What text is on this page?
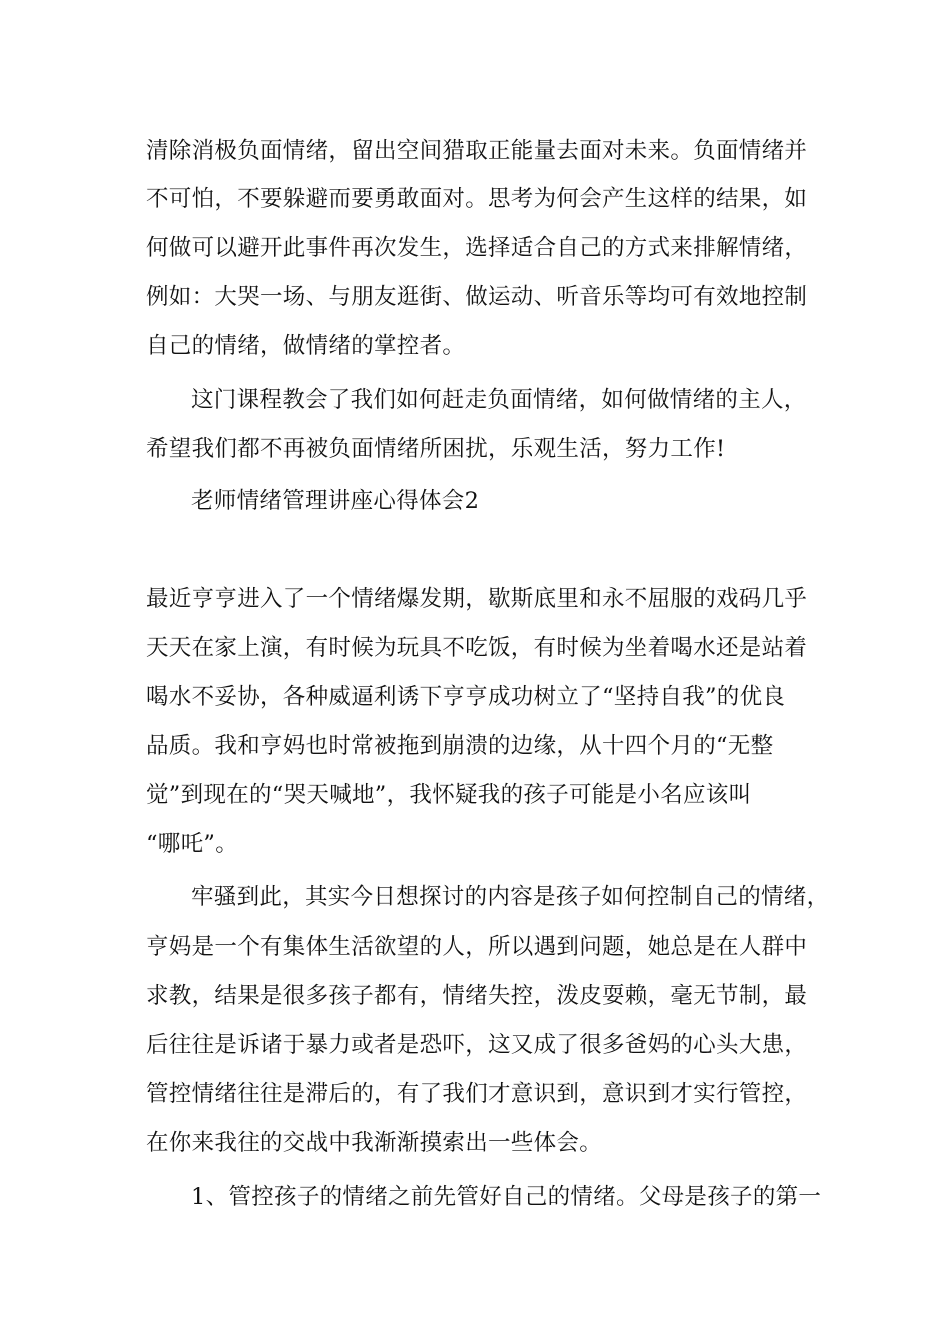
清除消极负面情绪，留出空间猎取正能量去面对未来。负面情绪并
不可怕，不要躲避而要勇敢面对。思考为何会产生这样的结果，如
何做可以避开此事件再次发生，选择适合自己的方式来排解情绪，
例如：大哭一场、与朋友逛街、做运动、听音乐等均可有效地控制
自己的情绪，做情绪的掌控者。
这门课程教会了我们如何赶走负面情绪，如何做情绪的主人，
希望我们都不再被负面情绪所困扰，乐观生活，努力工作!
老师情绪管理讲座心得体会2
最近亨亨进入了一个情绪爆发期，歇斯底里和永不屈服的戏码几乎
天天在家上演，有时候为玩具不吃饭，有时候为坐着喝水还是站着
喝水不妥协，各种威逼利诱下亨亨成功树立了“坚持自我”的优良
品质。我和亨妈也时常被拖到崩溃的边缘，从十四个月的“无整
觉”到现在的“哭天喊地”，我怀疑我的孩子可能是小名应该叫
“哪吒”。
牢骚到此，其实今日想探讨的内容是孩子如何控制自己的情绪，
亨妈是一个有集体生活欲望的人，所以遇到问题，她总是在人群中
求教，结果是很多孩子都有，情绪失控，泼皮耍赖，毫无节制，最
后往往是诉诸于暴力或者是恐吓，这又成了很多爸妈的心头大患，
管控情绪往往是滞后的，有了我们才意识到，意识到才实行管控，
在你来我往的交战中我渐渐摸索出一些体会。
1、管控孩子的情绪之前先管好自己的情绪。父母是孩子的第一
